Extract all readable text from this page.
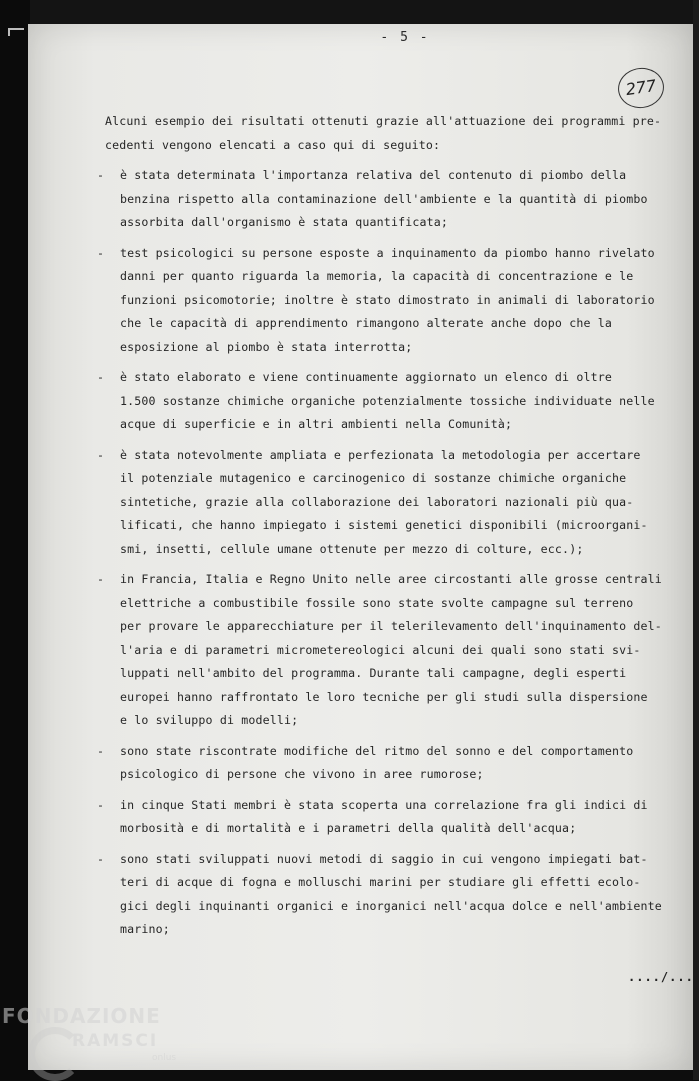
- 5 -
277
Alcuni esempio dei risultati ottenuti grazie all'attuazione dei programmi pre-
cedenti vengono elencati a caso qui di seguito:
-	è stata determinata l'importanza relativa del contenuto di piombo della
benzina rispetto alla contaminazione dell'ambiente e la quantità di piombo
assorbita dall'organismo è stata quantificata;
-	test psicologici su persone esposte a inquinamento da piombo hanno rivelato
danni per quanto riguarda la memoria, la capacità di concentrazione e le
funzioni psicomotorie; inoltre è stato dimostrato in animali di laboratorio
che le capacità di apprendimento rimangono alterate anche dopo che la
esposizione al piombo è stata interrotta;
-	è stato elaborato e viene continuamente aggiornato un elenco di oltre
1.500 sostanze chimiche organiche potenzialmente tossiche individuate nelle
acque di superficie e in altri ambienti nella Comunità;
-	è stata notevolmente ampliata e perfezionata la metodologia per accertare
il potenziale mutagenico e carcinogenico di sostanze chimiche organiche
sintetiche, grazie alla collaborazione dei laboratori nazionali più qua-
lificati, che hanno impiegato i sistemi genetici disponibili (microorgani-
smi, insetti, cellule umane ottenute per mezzo di colture, ecc.);
-	in Francia, Italia e Regno Unito nelle aree circostanti alle grosse centrali
elettriche a combustibile fossile sono state svolte campagne sul terreno
per provare le apparecchiature per il telerilevamento dell'inquinamento del-
l'aria e di parametri micrometereologici alcuni dei quali sono stati svi-
luppati nell'ambito del programma. Durante tali campagne, degli esperti
europei hanno raffrontato le loro tecniche per gli studi sulla dispersione
e lo sviluppo di modelli;
-	sono state riscontrate modifiche del ritmo del sonno e del comportamento
psicologico di persone che vivono in aree rumorose;
-	in cinque Stati membri è stata scoperta una correlazione fra gli indici di
morbosità e di mortalità e i parametri della qualità dell'acqua;
-	sono stati sviluppati nuovi metodi di saggio in cui vengono impiegati bat-
teri di acque di fogna e molluschi marini per studiare gli effetti ecolo-
gici degli inquinanti organici e inorganici nell'acqua dolce e nell'ambiente
marino;
..../...
FONDAZIONE
RAMSCI
onlus
